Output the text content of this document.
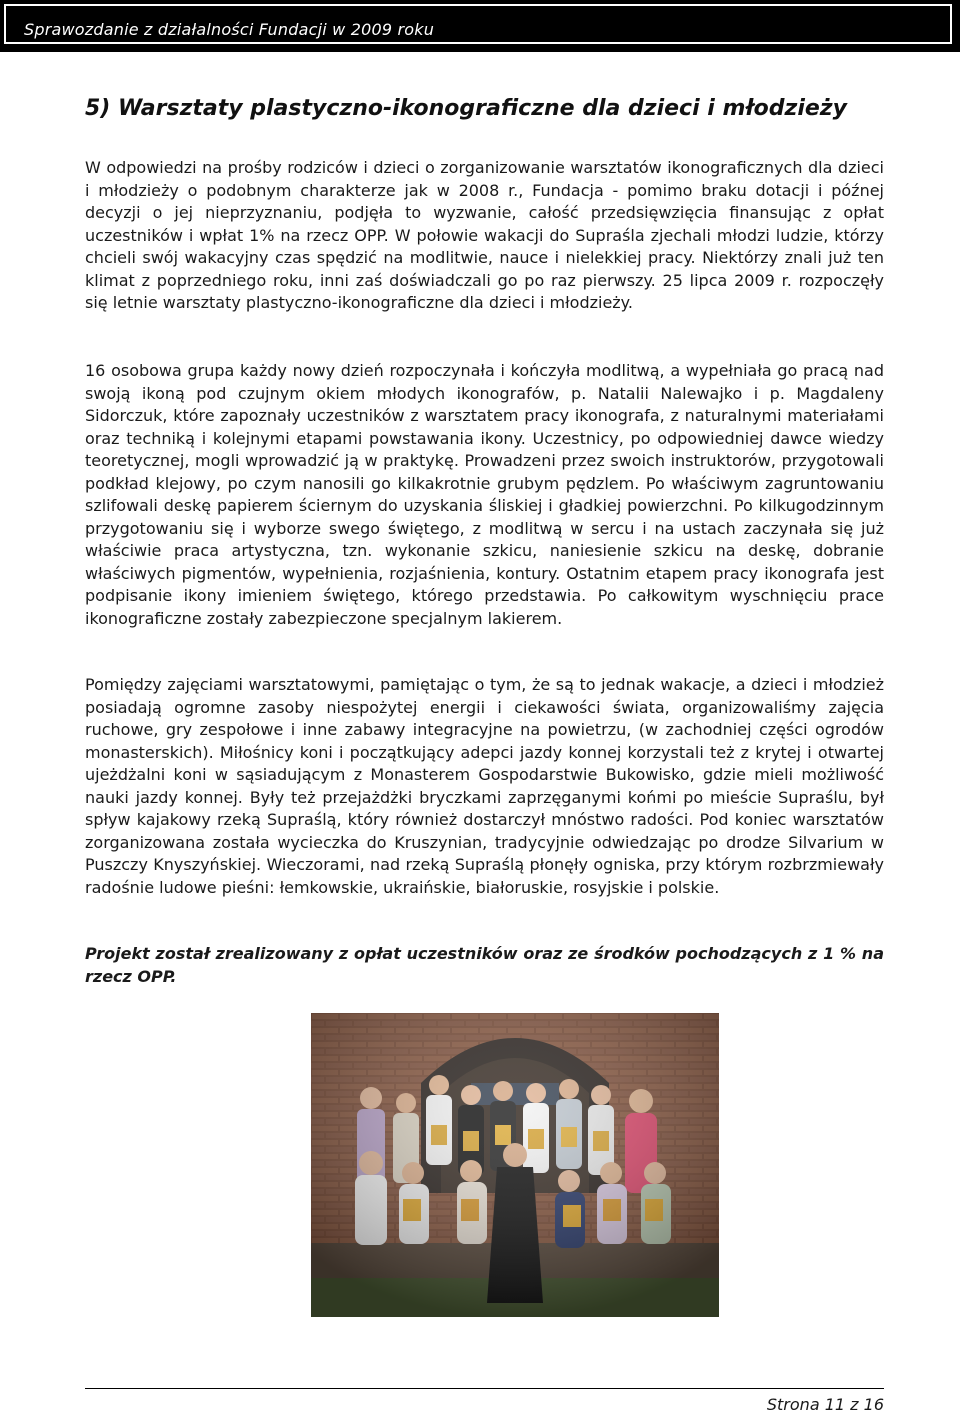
Sprawozdanie z działalności Fundacji w 2009 roku
5) Warsztaty plastyczno-ikonograficzne dla dzieci i młodzieży

W odpowiedzi na prośby rodziców i dzieci o zorganizowanie warsztatów ikonograficznych dla dzieci i młodzieży o podobnym charakterze jak w 2008 r., Fundacja - pomimo braku dotacji i późnej decyzji o jej nieprzyznaniu, podjęła to wyzwanie, całość przedsięwzięcia finansując z opłat uczestników i wpłat 1% na rzecz OPP. W połowie wakacji do Supraśla zjechali młodzi ludzie, którzy chcieli swój wakacyjny czas spędzić na modlitwie, nauce i nielekkiej pracy. Niektórzy znali już ten klimat z poprzedniego roku, inni zaś doświadczali go po raz pierwszy. 25 lipca 2009 r. rozpoczęły się letnie warsztaty plastyczno-ikonograficzne dla dzieci i młodzieży.

16 osobowa grupa każdy nowy dzień rozpoczynała i kończyła modlitwą, a wypełniała go pracą nad swoją ikoną pod czujnym okiem młodych ikonografów, p. Natalii Nalewajko i p. Magdaleny Sidorczuk, które zapoznały uczestników z warsztatem pracy ikonografa, z naturalnymi materiałami oraz techniką i kolejnymi etapami powstawania ikony. Uczestnicy, po odpowiedniej dawce wiedzy teoretycznej, mogli wprowadzić ją w praktykę. Prowadzeni przez swoich instruktorów, przygotowali podkład klejowy, po czym nanosili go kilkakrotnie grubym pędzlem. Po właściwym zagruntowaniu szlifowali deskę papierem ściernym do uzyskania śliskiej i gładkiej powierzchni. Po kilkugodzinnym przygotowaniu się i wyborze swego świętego, z modlitwą w sercu i na ustach zaczynała się już właściwie praca artystyczna, tzn. wykonanie szkicu, naniesienie szkicu na deskę, dobranie właściwych pigmentów, wypełnienia, rozjaśnienia, kontury. Ostatnim etapem pracy ikonografa jest podpisanie ikony imieniem świętego, którego przedstawia. Po całkowitym wyschnięciu prace ikonograficzne zostały zabezpieczone specjalnym lakierem.

Pomiędzy zajęciami warsztatowymi, pamiętając o tym, że są to jednak wakacje, a dzieci i młodzież posiadają ogromne zasoby niespożytej energii i ciekawości świata, organizowaliśmy zajęcia ruchowe, gry zespołowe i inne zabawy integracyjne na powietrzu, (w zachodniej części ogrodów monasterskich). Miłośnicy koni i początkujący adepci jazdy konnej korzystali też z krytej i otwartej ujeżdżalni koni w sąsiadującym z Monasterem Gospodarstwie Bukowisko, gdzie mieli możliwość nauki jazdy konnej. Były też przejażdżki bryczkami zaprzęganymi końmi po mieście Supraślu, był spływ kajakowy rzeką Supraślą, który również dostarczył mnóstwo radości. Pod koniec warsztatów zorganizowana została wycieczka do Kruszynian, tradycyjnie odwiedzając po drodze Silvarium w Puszczy Knyszyńskiej. Wieczorami, nad rzeką Supraślą płonęły ogniska, przy którym rozbrzmiewały radośnie ludowe pieśni: łemkowskie, ukraińskie, białoruskie, rosyjskie i polskie.

Projekt został zrealizowany z opłat uczestników oraz ze środków pochodzących z 1 % na rzecz OPP.

Strona 11 z 16
